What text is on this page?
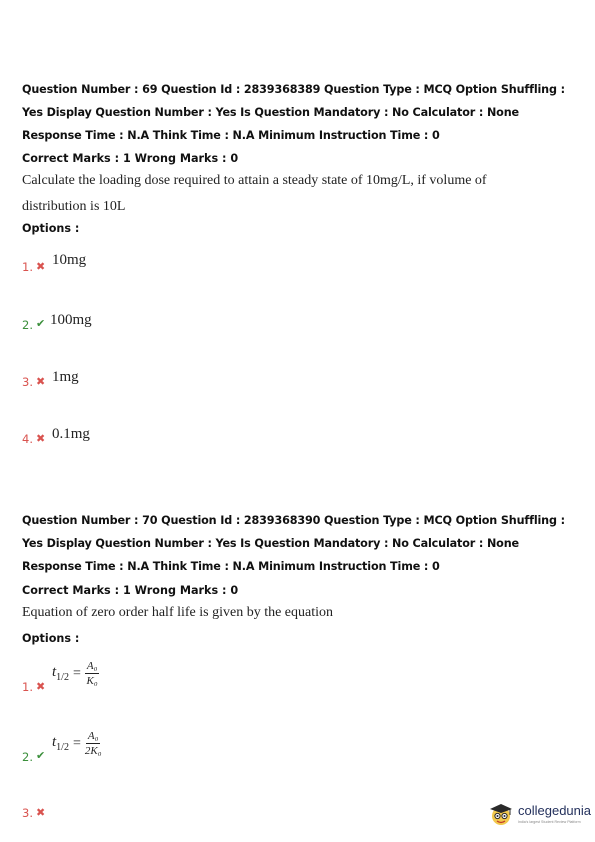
Question Number : 69 Question Id : 2839368389 Question Type : MCQ Option Shuffling : Yes Display Question Number : Yes Is Question Mandatory : No Calculator : None Response Time : N.A Think Time : N.A Minimum Instruction Time : 0
Correct Marks : 1 Wrong Marks : 0
Calculate the loading dose required to attain a steady state of 10mg/L, if volume of
distribution is 10L
Options :
1. ✖ 10mg
2. ✔ 100mg
3. ✖ 1mg
4. ✖ 0.1mg
Question Number : 70 Question Id : 2839368390 Question Type : MCQ Option Shuffling : Yes Display Question Number : Yes Is Question Mandatory : No Calculator : None Response Time : N.A Think Time : N.A Minimum Instruction Time : 0
Correct Marks : 1 Wrong Marks : 0
Equation of zero order half life is given by the equation
Options :
1. ✖
$t_{1/2} = \frac{\text{A₀}}{\text{K₀}}$
2. ✔
$t_{1/2} = \frac{\text{A₀}}{\text{2K₀}}$
3. ✖	collegedunia
India's largest Student Review Platform
